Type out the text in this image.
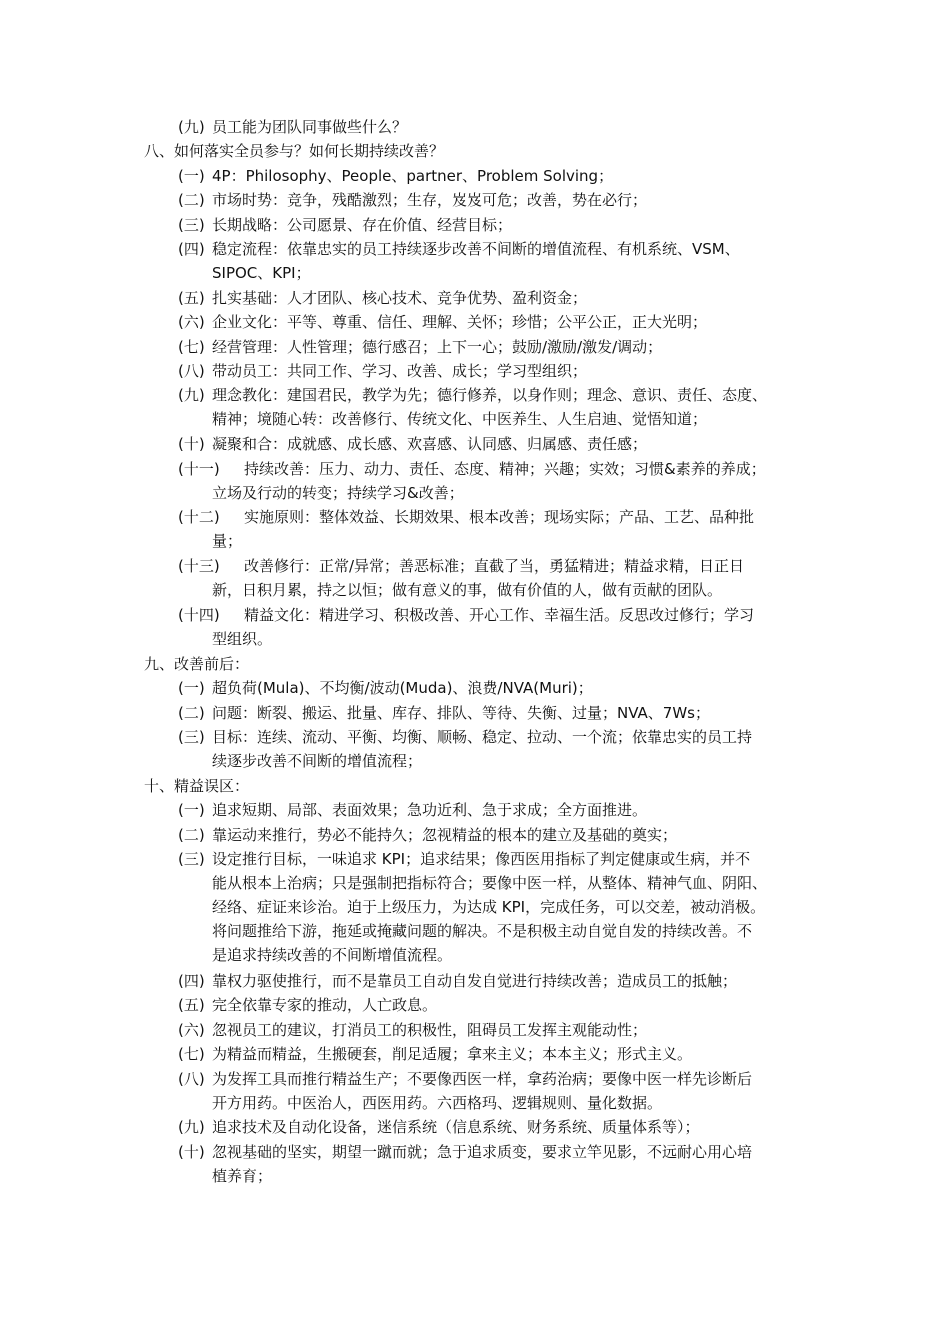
(九) 员工能为团队同事做些什么？
八、如何落实全员参与？如何长期持续改善？
(一) 4P：Philosophy、People、partner、Problem Solving；
(二) 市场时势：竞争，残酷激烈；生存，岌岌可危；改善，势在必行；
(三) 长期战略：公司愿景、存在价值、经营目标；
(四) 稳定流程：依靠忠实的员工持续逐步改善不间断的增值流程、有机系统、VSM、
SIPOC、KPI；
(五) 扎实基础：人才团队、核心技术、竞争优势、盈利资金；
(六) 企业文化：平等、尊重、信任、理解、关怀；珍惜；公平公正，正大光明；
(七) 经营管理：人性管理；德行感召；上下一心；鼓励/激励/激发/调动；
(八) 带动员工：共同工作、学习、改善、成长；学习型组织；
(九) 理念教化：建国君民，教学为先；德行修养，以身作则；理念、意识、责任、态度、
精神；境随心转：改善修行、传统文化、中医养生、人生启迪、觉悟知道；
(十) 凝聚和合：成就感、成长感、欢喜感、认同感、归属感、责任感；
(十一) 持续改善：压力、动力、责任、态度、精神；兴趣；实效；习惯&素养的养成；
立场及行动的转变；持续学习&改善；
(十二) 实施原则：整体效益、长期效果、根本改善；现场实际；产品、工艺、品种批
量；
(十三) 改善修行：正常/异常；善恶标准；直截了当，勇猛精进；精益求精，日正日
新，日积月累，持之以恒；做有意义的事，做有价值的人，做有贡献的团队。
(十四) 精益文化：精进学习、积极改善、开心工作、幸福生活。反思改过修行；学习
型组织。
九、改善前后：
(一) 超负荷(Mula)、不均衡/波动(Muda)、浪费/NVA(Muri)；
(二) 问题：断裂、搬运、批量、库存、排队、等待、失衡、过量；NVA、7Ws；
(三) 目标：连续、流动、平衡、均衡、顺畅、稳定、拉动、一个流；依靠忠实的员工持
续逐步改善不间断的增值流程；
十、精益误区：
(一) 追求短期、局部、表面效果；急功近利、急于求成；全方面推进。
(二) 靠运动来推行，势必不能持久；忽视精益的根本的建立及基础的奠实；
(三) 设定推行目标，一味追求 KPI；追求结果；像西医用指标了判定健康或生病，并不
能从根本上治病；只是强制把指标符合；要像中医一样，从整体、精神气血、阴阳、
经络、症证来诊治。迫于上级压力，为达成 KPI，完成任务，可以交差，被动消极。
将问题推给下游，拖延或掩藏问题的解决。不是积极主动自觉自发的持续改善。不
是追求持续改善的不间断增值流程。
(四) 靠权力驱使推行，而不是靠员工自动自发自觉进行持续改善；造成员工的抵触；
(五) 完全依靠专家的推动，人亡政息。
(六) 忽视员工的建议，打消员工的积极性，阻碍员工发挥主观能动性；
(七) 为精益而精益，生搬硬套，削足适履；拿来主义；本本主义；形式主义。
(八) 为发挥工具而推行精益生产；不要像西医一样，拿药治病；要像中医一样先诊断后
开方用药。中医治人，西医用药。六西格玛、逻辑规则、量化数据。
(九) 追求技术及自动化设备，迷信系统（信息系统、财务系统、质量体系等）；
(十) 忽视基础的坚实，期望一蹴而就；急于追求质变，要求立竿见影，不远耐心用心培
植养育；
